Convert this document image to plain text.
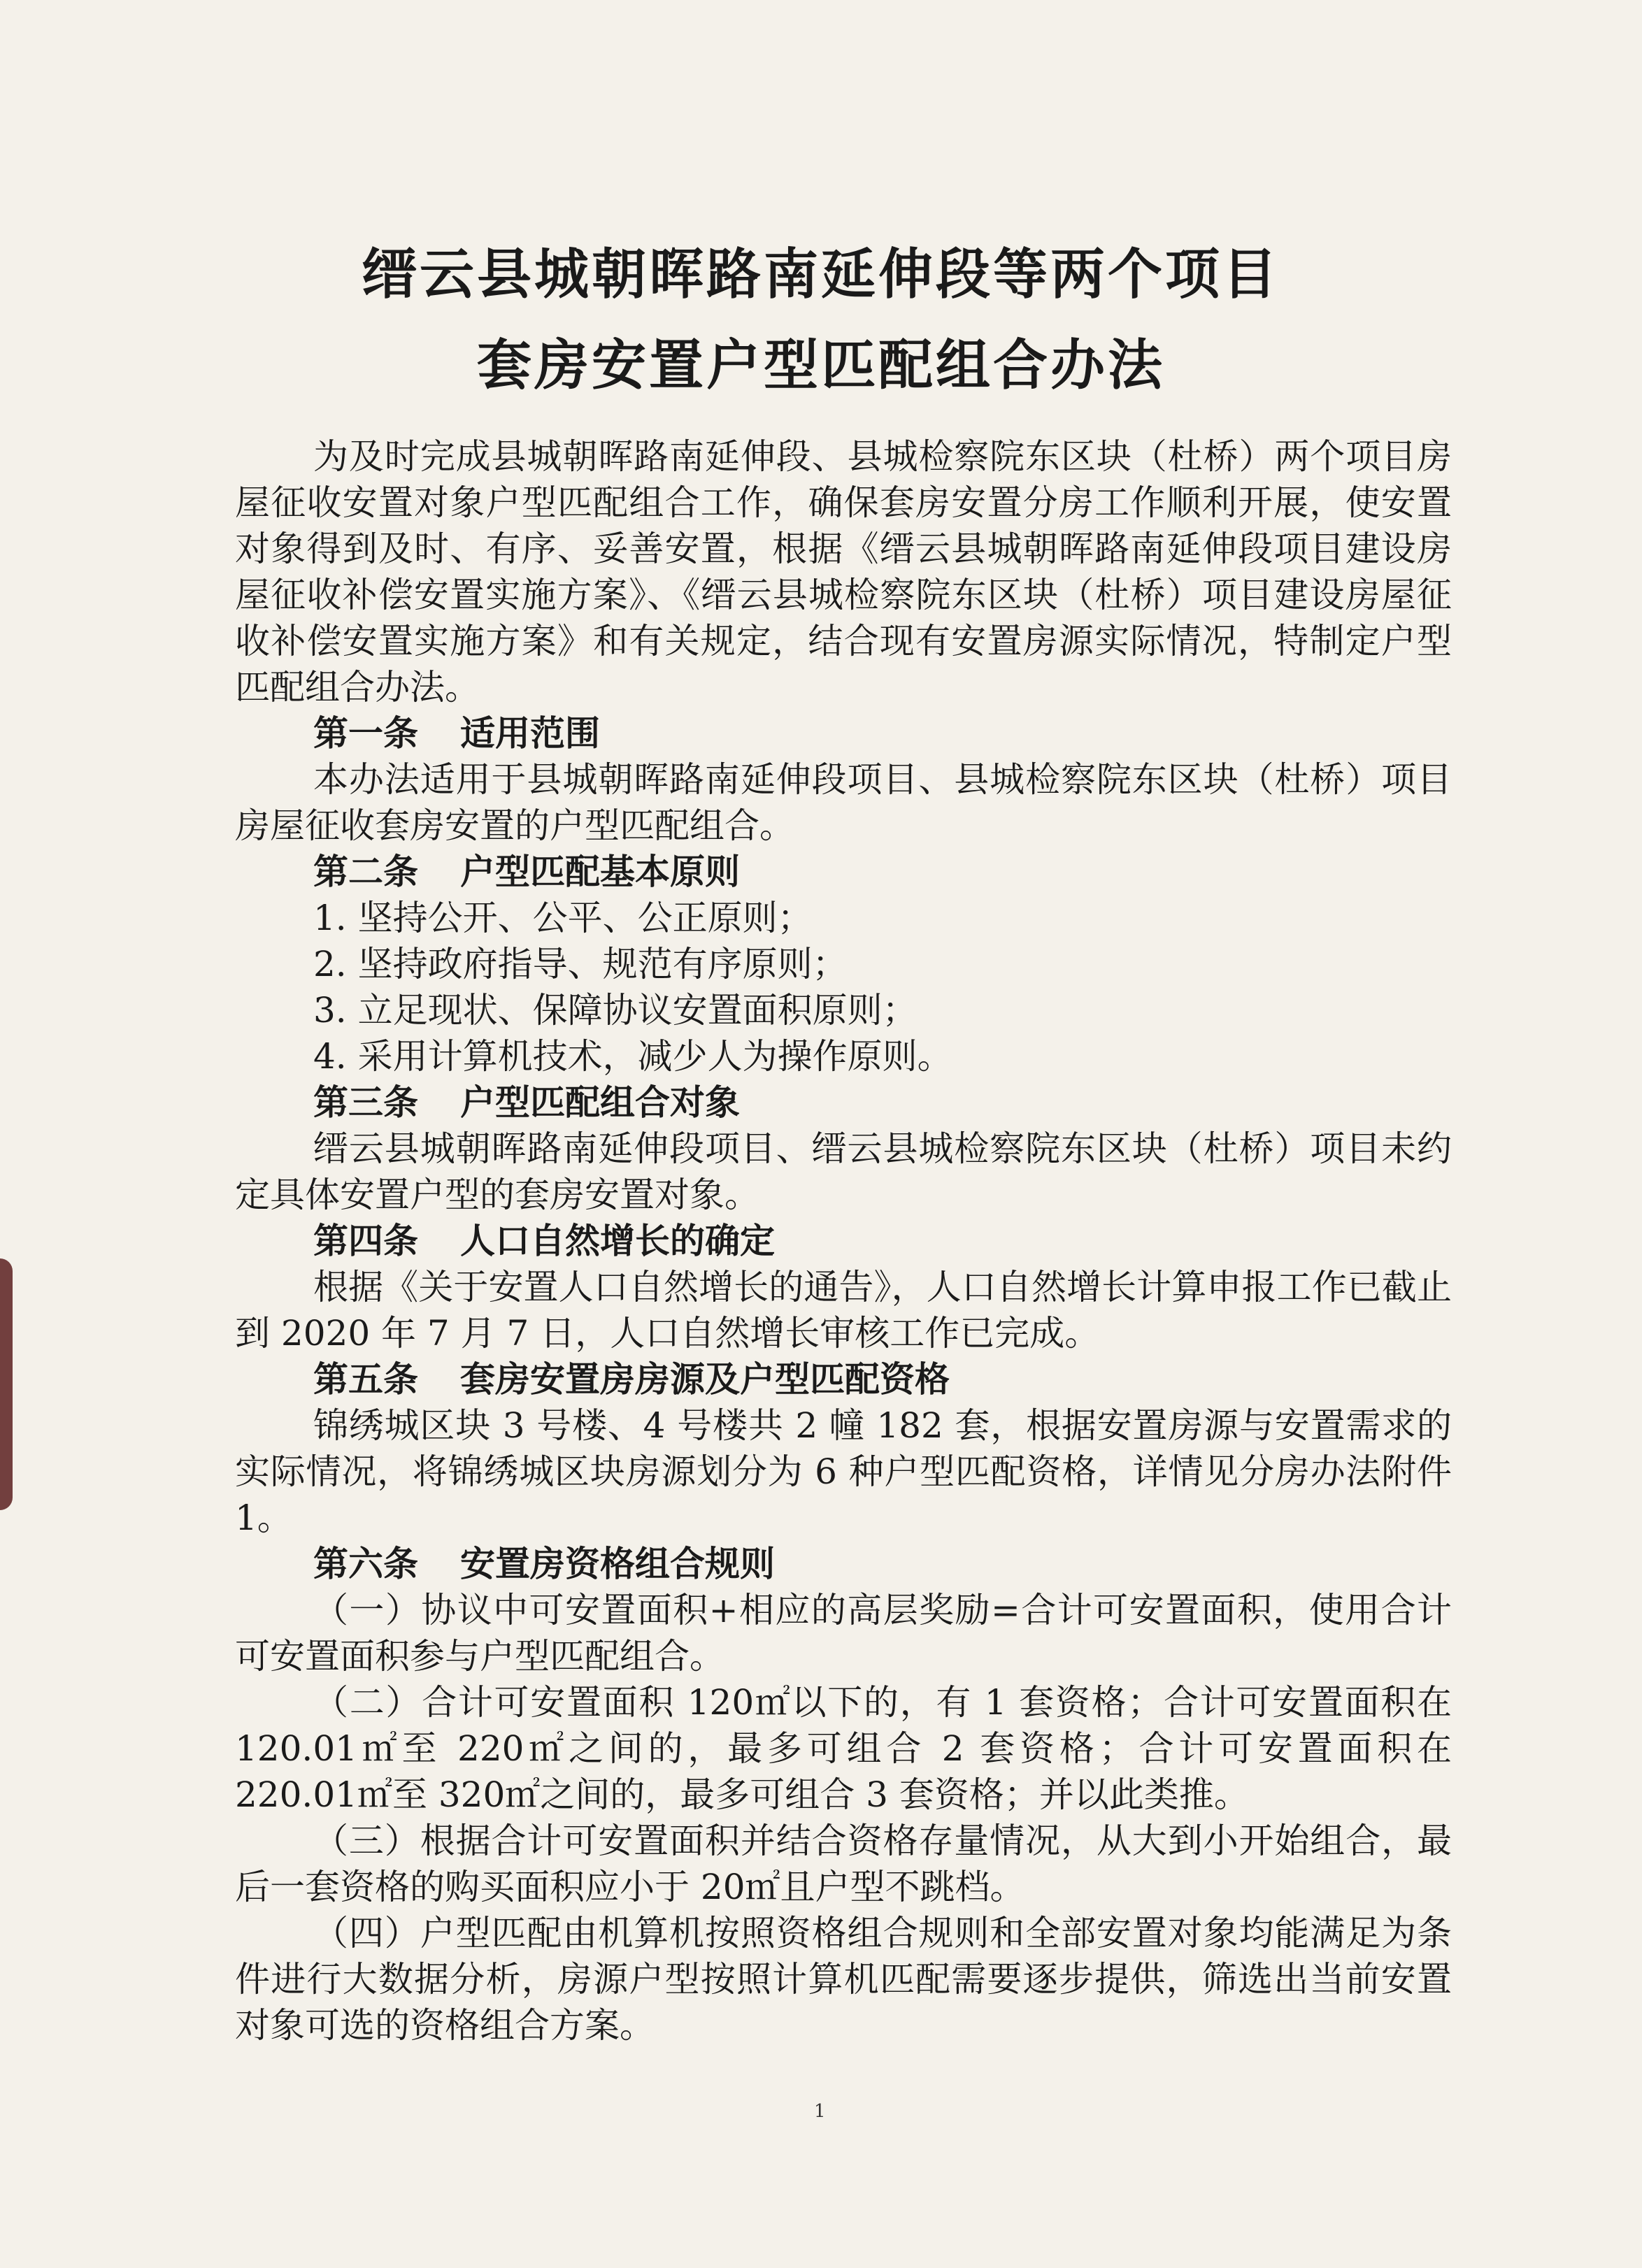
缙云县城朝晖路南延伸段等两个项目
套房安置户型匹配组合办法

为及时完成县城朝晖路南延伸段、县城检察院东区块（杜桥）两个项目房屋征收安置对象户型匹配组合工作，确保套房安置分房工作顺利开展，使安置对象得到及时、有序、妥善安置，根据《缙云县城朝晖路南延伸段项目建设房屋征收补偿安置实施方案》、《缙云县城检察院东区块（杜桥）项目建设房屋征收补偿安置实施方案》和有关规定，结合现有安置房源实际情况，特制定户型匹配组合办法。

第一条 适用范围

本办法适用于县城朝晖路南延伸段项目、县城检察院东区块（杜桥）项目房屋征收套房安置的户型匹配组合。

第二条 户型匹配基本原则

1. 坚持公开、公平、公正原则；

2. 坚持政府指导、规范有序原则；

3. 立足现状、保障协议安置面积原则；

4. 采用计算机技术，减少人为操作原则。

第三条 户型匹配组合对象

缙云县城朝晖路南延伸段项目、缙云县城检察院东区块（杜桥）项目未约定具体安置户型的套房安置对象。

第四条 人口自然增长的确定

根据《关于安置人口自然增长的通告》，人口自然增长计算申报工作已截止到 2020 年 7 月 7 日，人口自然增长审核工作已完成。

第五条 套房安置房房源及户型匹配资格

锦绣城区块 3 号楼、4 号楼共 2 幢 182 套，根据安置房源与安置需求的实际情况，将锦绣城区块房源划分为 6 种户型匹配资格，详情见分房办法附件 1。

第六条 安置房资格组合规则

（一）协议中可安置面积+相应的高层奖励=合计可安置面积，使用合计可安置面积参与户型匹配组合。

（二）合计可安置面积 120㎡以下的，有 1 套资格；合计可安置面积在 120.01㎡至 220㎡之间的，最多可组合 2 套资格；合计可安置面积在 220.01㎡至 320㎡之间的，最多可组合 3 套资格；并以此类推。

（三）根据合计可安置面积并结合资格存量情况，从大到小开始组合，最后一套资格的购买面积应小于 20㎡且户型不跳档。

（四）户型匹配由机算机按照资格组合规则和全部安置对象均能满足为条件进行大数据分析，房源户型按照计算机匹配需要逐步提供，筛选出当前安置对象可选的资格组合方案。

1
